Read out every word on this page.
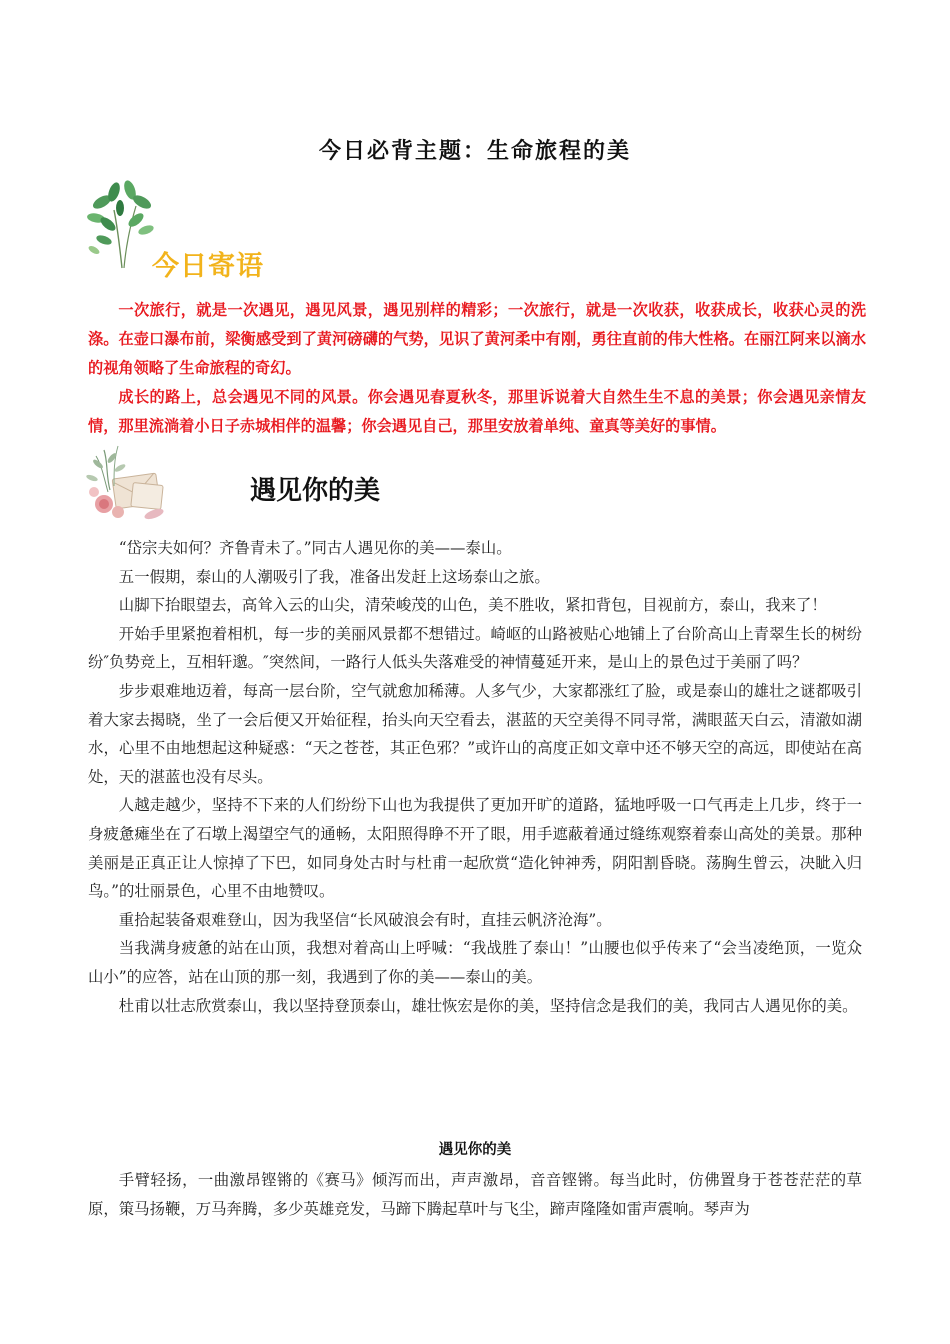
今日必背主题：生命旅程的美
今日寄语

一次旅行，就是一次遇见，遇见风景，遇见别样的精彩；一次旅行，就是一次收获，收获成长，收获心灵的洗涤。在壶口瀑布前，梁衡感受到了黄河磅礴的气势，见识了黄河柔中有刚，勇往直前的伟大性格。在丽江阿来以滴水的视角领略了生命旅程的奇幻。

成长的路上，总会遇见不同的风景。你会遇见春夏秋冬，那里诉说着大自然生生不息的美景；你会遇见亲情友情，那里流淌着小日子赤城相伴的温馨；你会遇见自己，那里安放着单纯、童真等美好的事情。

遇见你的美

“岱宗夫如何？齐鲁青未了。”同古人遇见你的美——泰山。

五一假期，泰山的人潮吸引了我，准备出发赶上这场泰山之旅。

山脚下抬眼望去，高耸入云的山尖，清荣峻茂的山色，美不胜收，紧扣背包，目视前方，泰山，我来了！

开始手里紧抱着相机，每一步的美丽风景都不想错过。崎岖的山路被贴心地铺上了台阶高山上青翠生长的树纷纷″负势竞上，互相轩邈。″突然间，一路行人低头失落难受的神情蔓延开来，是山上的景色过于美丽了吗？

步步艰难地迈着，每高一层台阶，空气就愈加稀薄。人多气少，大家都涨红了脸，或是泰山的雄壮之谜都吸引着大家去揭晓，坐了一会后便又开始征程，抬头向天空看去，湛蓝的天空美得不同寻常，满眼蓝天白云，清澈如湖水，心里不由地想起这种疑惑：“天之苍苍，其正色邪？”或许山的高度正如文章中还不够天空的高远，即使站在高处，天的湛蓝也没有尽头。

人越走越少，坚持不下来的人们纷纷下山也为我提供了更加开旷的道路，猛地呼吸一口气再走上几步，终于一身疲惫瘫坐在了石墩上渴望空气的通畅，太阳照得睁不开了眼，用手遮蔽着通过缝练观察着泰山高处的美景。那种美丽是正真正让人惊掉了下巴，如同身处古时与杜甫一起欣赏“造化钟神秀，阴阳割昏晓。荡胸生曾云，决眦入归鸟。”的壮丽景色，心里不由地赞叹。

重拾起装备艰难登山，因为我坚信“长风破浪会有时，直挂云帆济沧海”。

当我满身疲惫的站在山顶，我想对着高山上呼喊：“我战胜了泰山！”山腰也似乎传来了“会当凌绝顶，一览众山小”的应答，站在山顶的那一刻，我遇到了你的美——泰山的美。

杜甫以壮志欣赏泰山，我以坚持登顶泰山，雄壮恢宏是你的美，坚持信念是我们的美，我同古人遇见你的美。

遇见你的美

手臂轻扬，一曲激昂铿锵的《赛马》倾泻而出，声声激昂，音音铿锵。每当此时，仿佛置身于苍苍茫茫的草原，策马扬鞭，万马奔腾，多少英雄竞发，马蹄下腾起草叶与飞尘，蹄声隆隆如雷声震响。琴声为
